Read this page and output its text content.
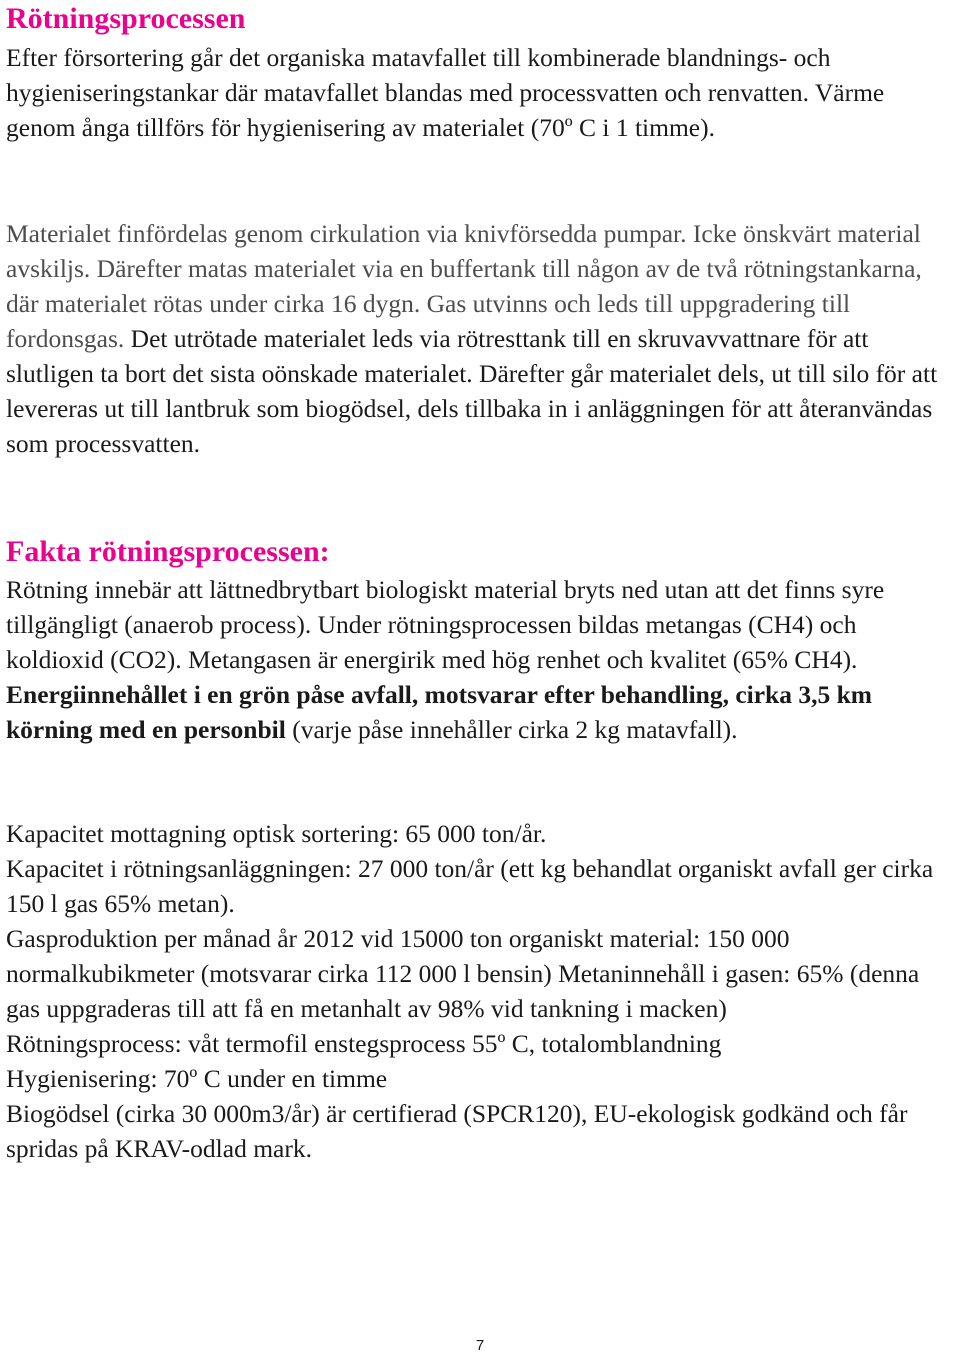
Rötningsprocessen

Efter försortering går det organiska matavfallet till kombinerade blandnings- och hygieniseringstankar där matavfallet blandas med processvatten och renvatten. Värme genom ånga tillförs för hygienisering av materialet (70º C i 1 timme).

Materialet finfördelas genom cirkulation via knivförsedda pumpar. Icke önskvärt material avskiljs. Därefter matas materialet via en buffertank till någon av de två rötningstankarna, där materialet rötas under cirka 16 dygn. Gas utvinns och leds till uppgradering till fordonsgas. Det utrötade materialet leds via rötresttank till en skruvavvattnare för att slutligen ta bort det sista oönskade materialet. Därefter går materialet dels, ut till silo för att levereras ut till lantbruk som biogödsel, dels tillbaka in i anläggningen för att återanvändas som processvatten.

Fakta rötningsprocessen:

Rötning innebär att lättnedbrytbart biologiskt material bryts ned utan att det finns syre tillgängligt (anaerob process). Under rötningsprocessen bildas metangas (CH4) och koldioxid (CO2). Metangasen är energirik med hög renhet och kvalitet (65% CH4). Energiinnehållet i en grön påse avfall, motsvarar efter behandling, cirka 3,5 km körning med en personbil (varje påse innehåller cirka 2 kg matavfall).

Kapacitet mottagning optisk sortering: 65 000 ton/år.

Kapacitet i rötningsanläggningen: 27 000 ton/år (ett kg behandlat organiskt avfall ger cirka 150 l gas 65% metan).

Gasproduktion per månad år 2012 vid 15000 ton organiskt material: 150 000 normalkubikmeter (motsvarar cirka 112 000 l bensin) Metaninnehåll i gasen: 65% (denna gas uppgraderas till att få en metanhalt av 98% vid tankning i macken)

Rötningsprocess: våt termofil enstegsprocess 55º C, totalomblandning

Hygienisering: 70º C under en timme

Biogödsel (cirka 30 000m3/år) är certifierad (SPCR120), EU-ekologisk godkänd och får spridas på KRAV-odlad mark.

7
